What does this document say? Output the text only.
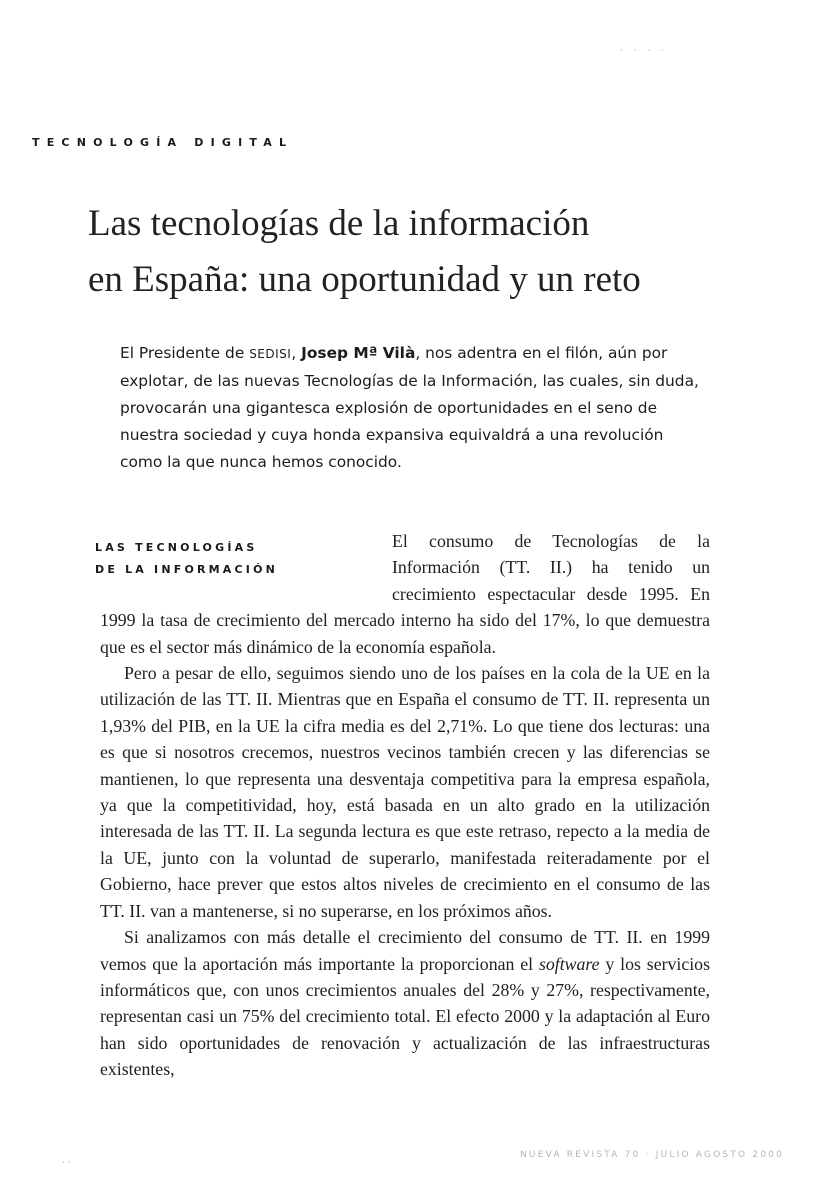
· · · ·
TECNOLOGÍA DIGITAL
Las tecnologías de la información
en España: una oportunidad y un reto
El Presidente de SEDISI, Josep Mª Vilà, nos adentra en el filón, aún por explotar, de las nuevas Tecnologías de la Información, las cuales, sin duda, provocarán una gigantesca explosión de oportunidades en el seno de nuestra sociedad y cuya honda expansiva equivaldrá a una revolución como la que nunca hemos conocido.
LAS TECNOLOGÍAS
DE LA INFORMACIÓN

El consumo de Tecnologías de la Información (TT. II.) ha tenido un crecimiento espectacular desde 1995. En 1999 la tasa de crecimiento del mercado interno ha sido del 17%, lo que demuestra que es el sector más dinámico de la economía española.

Pero a pesar de ello, seguimos siendo uno de los países en la cola de la UE en la utilización de las TT. II. Mientras que en España el consumo de TT. II. representa un 1,93% del PIB, en la UE la cifra media es del 2,71%. Lo que tiene dos lecturas: una es que si nosotros crecemos, nuestros vecinos también crecen y las diferencias se mantienen, lo que representa una desventaja competitiva para la empresa española, ya que la competitividad, hoy, está basada en un alto grado en la utilización interesada de las TT. II. La segunda lectura es que este retraso, repecto a la media de la UE, junto con la voluntad de superarlo, manifestada reiteradamente por el Gobierno, hace prever que estos altos niveles de crecimiento en el consumo de las TT. II. van a mantenerse, si no superarse, en los próximos años.

Si analizamos con más detalle el crecimiento del consumo de TT. II. en 1999 vemos que la aportación más importante la proporcionan el software y los servicios informáticos que, con unos crecimientos anuales del 28% y 27%, respectivamente, representan casi un 75% del crecimiento total. El efecto 2000 y la adaptación al Euro han sido oportunidades de renovación y actualización de las infraestructuras existentes,

· ·
NUEVA REVISTA 70 · JULIO AGOSTO 2000
